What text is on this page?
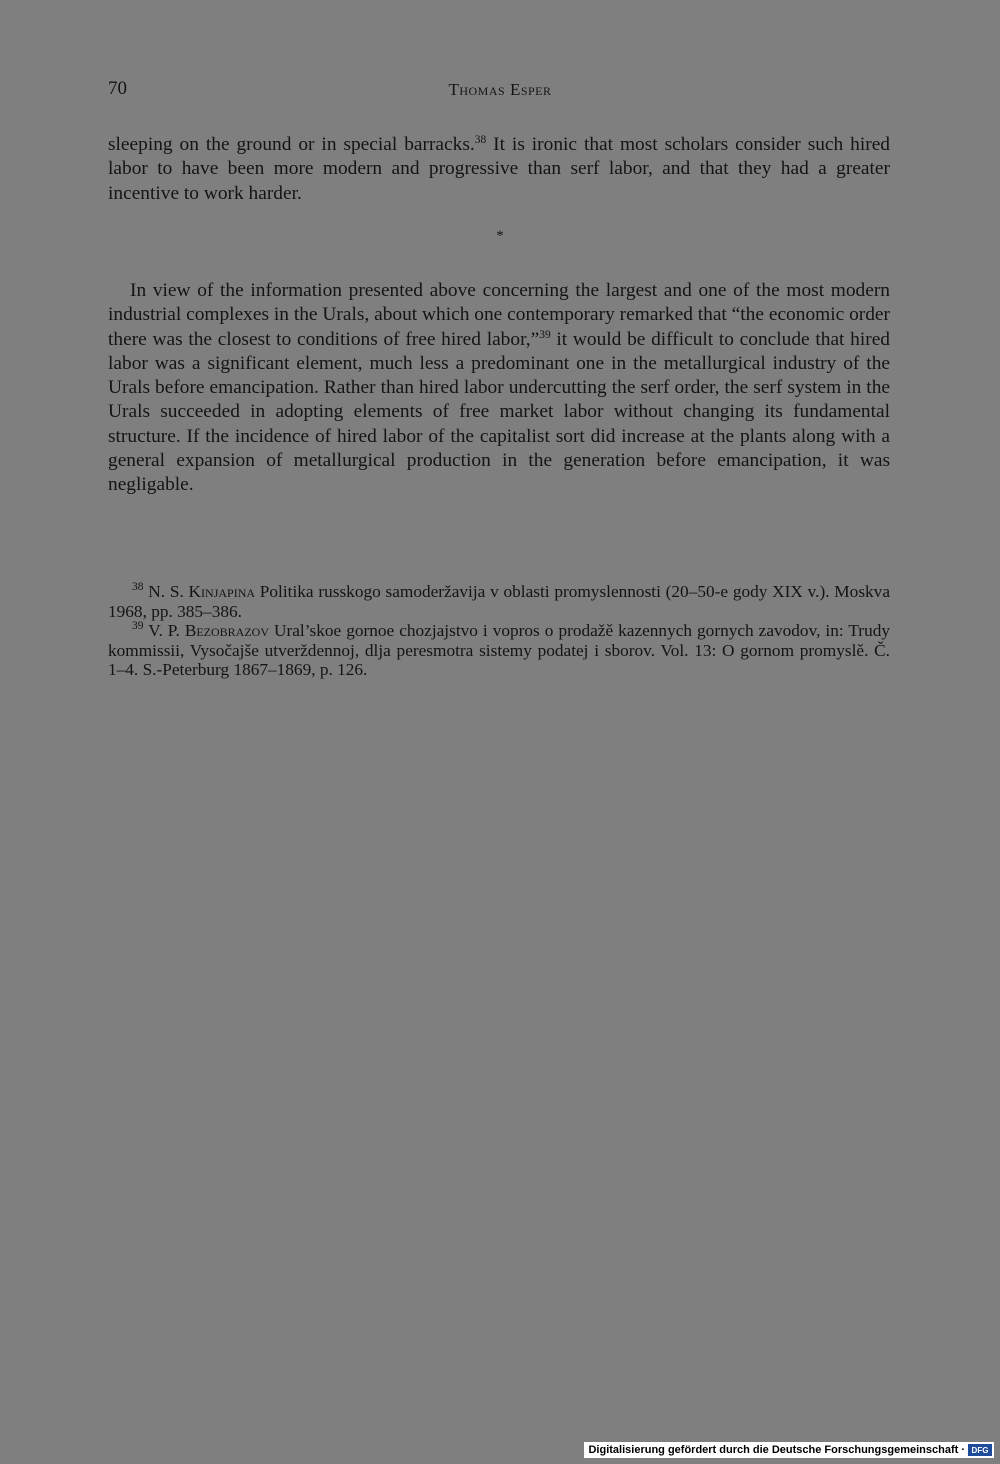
70	Thomas Esper

sleeping on the ground or in special barracks.$^{38}$ It is ironic that most scholars consider such hired labor to have been more modern and progressive than serf labor, and that they had a greater incentive to work harder.

*

In view of the information presented above concerning the largest and one of the most modern industrial complexes in the Urals, about which one contemporary remarked that “the economic order there was the closest to conditions of free hired labor,”$^{39}$ it would be difficult to conclude that hired labor was a significant element, much less a predominant one in the metallurgical industry of the Urals before emancipation. Rather than hired labor undercutting the serf order, the serf system in the Urals succeeded in adopting elements of free market labor without changing its fundamental structure. If the incidence of hired labor of the capitalist sort did increase at the plants along with a general expansion of metallurgical production in the generation before emancipation, it was negligable.

$^{38}$ N. S. Kinjapina Politika russkogo samoderžavija v oblasti promyslennosti (20–50-e gody XIX v.). Moskva 1968, pp. 385–386.

$^{39}$ V. P. Bezobrazov Ural’skoe gornoe chozjajstvo i vopros o prodažě kazennych gornych zavodov, in: Trudy kommissii, Vysočajše utverždennoj, dlja peresmotra sistemy podatej i sborov. Vol. 13: O gornom promyslě. Č. 1–4. S.-Peterburg 1867–1869, p. 126.

Digitalisierung gefördert durch die Deutsche Forschungsgemeinschaft · DFG
